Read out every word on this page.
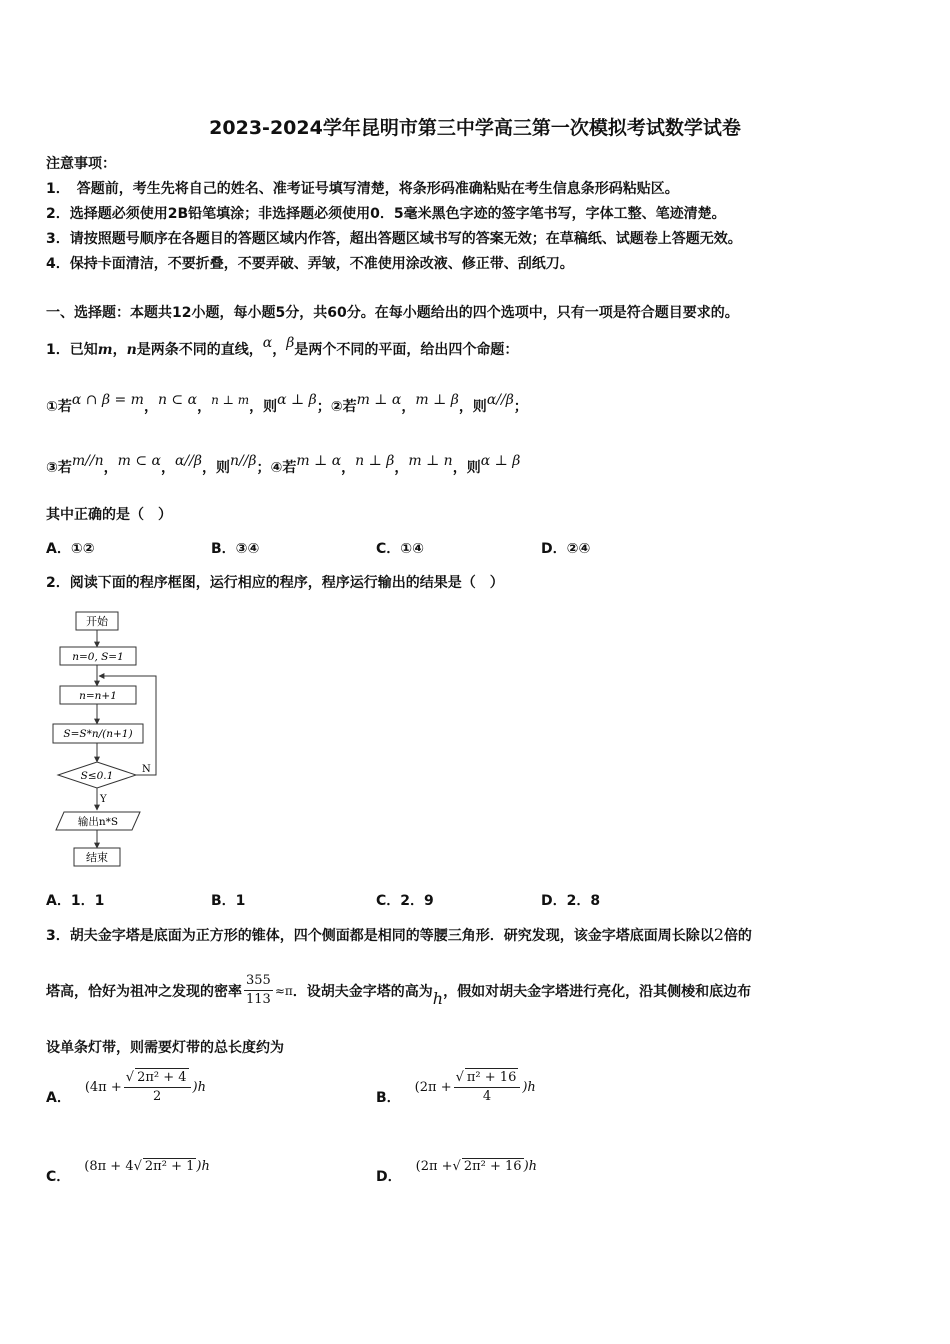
2023-2024学年昆明市第三中学高三第一次模拟考试数学试卷
注意事项：
1．　答题前，考生先将自己的姓名、准考证号填写清楚，将条形码准确粘贴在考生信息条形码粘贴区。
2．选择题必须使用2B铅笔填涂；非选择题必须使用0．5毫米黑色字迹的签字笔书写，字体工整、笔迹清楚。
3．请按照题号顺序在各题目的答题区域内作答，超出答题区域书写的答案无效；在草稿纸、试题卷上答题无效。
4．保持卡面清洁，不要折叠，不要弄破、弄皱，不准使用涂改液、修正带、刮纸刀。
一、选择题：本题共12小题，每小题5分，共60分。在每小题给出的四个选项中，只有一项是符合题目要求的。
1．已知m，n是两条不同的直线，α，β是两个不同的平面，给出四个命题：
①若α ∩ β = m，n ⊂ α，n ⊥ m，则α ⊥ β；②若m ⊥ α，m ⊥ β，则α//β；
③若m//n，m ⊂ α，α//β，则n//β；④若m ⊥ α，n ⊥ β，m ⊥ n，则α ⊥ β
其中正确的是（　）
A．①②	B．③④	C．①④	D．②④
2．阅读下面的程序框图，运行相应的程序，程序运行输出的结果是（　）
开始
n=0, S=1
n=n+1
S=S*n/(n+1)
S≤0.1
N
Y
输出n*S
结束
A．1．1	B．1	C．2．9	D．2．8
3．胡夫金字塔是底面为正方形的锥体，四个侧面都是相同的等腰三角形．研究发现，该金字塔底面周长除以2倍的
塔高，恰好为祖冲之发现的密率 $\frac{355}{113} \approx\pi$ ．设胡夫金字塔的高为 h ，假如对胡夫金字塔进行亮化，沿其侧棱和底边布
设单条灯带，则需要灯带的总长度约为
A．
$(4\pi + \frac{\text{√ 2π² + 4}}{2} )h$
B．
$(2\pi + \frac{\text{√ π² + 16}}{4} )h$
C．
(8π + 4 √ 2π² + 1 )h
D．
(2π + √ 2π² + 16 )h
